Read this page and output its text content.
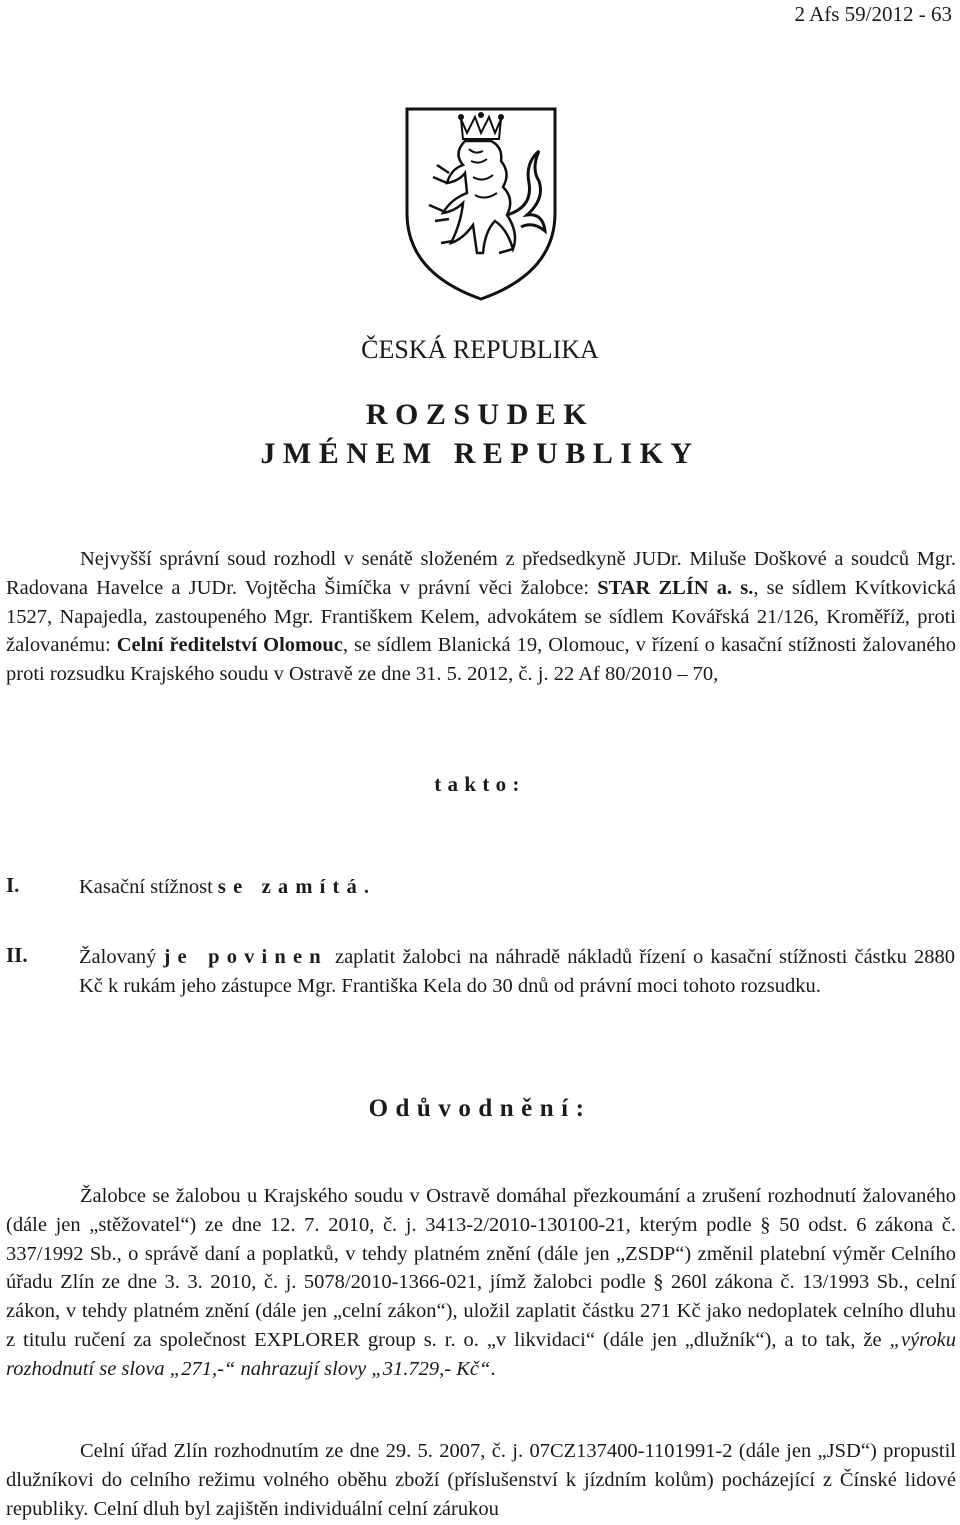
2 Afs 59/2012 - 63
ČESKÁ REPUBLIKA
ROZSUDEK
JMÉNEM REPUBLIKY
Nejvyšší správní soud rozhodl v senátě složeném z předsedkyně JUDr. Miluše Doškové a soudců Mgr. Radovana Havelce a JUDr. Vojtěcha Šimíčka v právní věci žalobce: STAR ZLÍN a. s., se sídlem Kvítkovická 1527, Napajedla, zastoupeného Mgr. Františkem Kelem, advokátem se sídlem Kovářská 21/126, Kroměříž, proti žalovanému: Celní ředitelství Olomouc, se sídlem Blanická 19, Olomouc, v řízení o kasační stížnosti žalovaného proti rozsudku Krajského soudu v Ostravě ze dne 31. 5. 2012, č. j. 22 Af 80/2010 – 70,
takto:
I.	Kasační stížnost se zamítá.
II.	Žalovaný je povinen zaplatit žalobci na náhradě nákladů řízení o kasační stížnosti částku 2880 Kč k rukám jeho zástupce Mgr. Františka Kela do 30 dnů od právní moci tohoto rozsudku.
Odůvodnění:
Žalobce se žalobou u Krajského soudu v Ostravě domáhal přezkoumání a zrušení rozhodnutí žalovaného (dále jen „stěžovatel“) ze dne 12. 7. 2010, č. j. 3413-2/2010-130100-21, kterým podle § 50 odst. 6 zákona č. 337/1992 Sb., o správě daní a poplatků, v tehdy platném znění (dále jen „ZSDP“) změnil platební výměr Celního úřadu Zlín ze dne 3. 3. 2010, č. j. 5078/2010-1366-021, jímž žalobci podle § 260l zákona č. 13/1993 Sb., celní zákon, v tehdy platném znění (dále jen „celní zákon“), uložil zaplatit částku 271 Kč jako nedoplatek celního dluhu z titulu ručení za společnost EXPLORER group s. r. o. „v likvidaci“ (dále jen „dlužník“), a to tak, že „výroku rozhodnutí se slova „271,-“ nahrazují slovy „31.729,- Kč“.
Celní úřad Zlín rozhodnutím ze dne 29. 5. 2007, č. j. 07CZ137400-1101991-2 (dále jen „JSD“) propustil dlužníkovi do celního režimu volného oběhu zboží (příslušenství k jízdním kolům) pocházející z Čínské lidové republiky. Celní dluh byl zajištěn individuální celní zárukou
